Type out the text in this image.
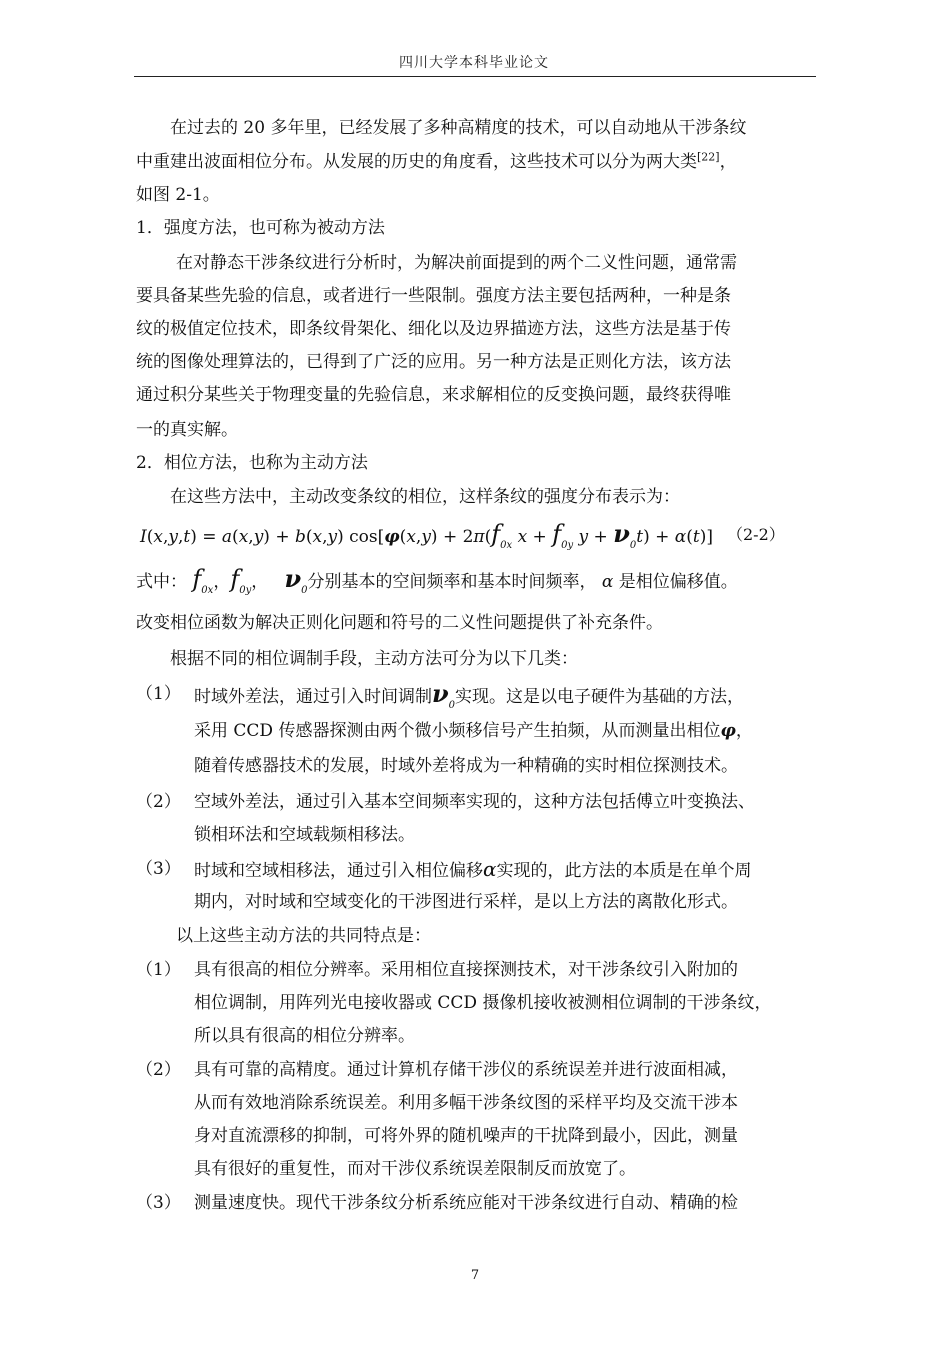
四川大学本科毕业论文
在过去的 20 多年里，已经发展了多种高精度的技术，可以自动地从干涉条纹
中重建出波面相位分布。从发展的历史的角度看，这些技术可以分为两大类[22]，
如图 2-1。
1．强度方法，也可称为被动方法
在对静态干涉条纹进行分析时，为解决前面提到的两个二义性问题，通常需
要具备某些先验的信息，或者进行一些限制。强度方法主要包括两种，一种是条
纹的极值定位技术，即条纹骨架化、细化以及边界描迹方法，这些方法是基于传
统的图像处理算法的，已得到了广泛的应用。另一种方法是正则化方法，该方法
通过积分某些关于物理变量的先验信息，来求解相位的反变换问题，最终获得唯
一的真实解。
2．相位方法，也称为主动方法
在这些方法中，主动改变条纹的相位，这样条纹的强度分布表示为：
I(x,y,t) = a(x,y) + b(x,y) $\cos[\varphi(x,y) + 2\pi(f_{0x}$ $x + f_{0y}$ $y + \nu_0t) + \alpha(t)$] （2-2）
式中： $f_{0x}$，$f_{0y}$，   $\nu_0$分别基本的空间频率和基本时间频率， α 是相位偏移值。
改变相位函数为解决正则化问题和符号的二义性问题提供了补充条件。
根据不同的相位调制手段，主动方法可分为以下几类：
（1） 时域外差法，通过引入时间调制$\nu_0$实现。这是以电子硬件为基础的方法，
采用 CCD 传感器探测由两个微小频移信号产生拍频，从而测量出相位φ，
随着传感器技术的发展，时域外差将成为一种精确的实时相位探测技术。
（2） 空域外差法，通过引入基本空间频率实现的，这种方法包括傅立叶变换法、
锁相环法和空域载频相移法。
（3） 时域和空域相移法，通过引入相位偏移α实现的，此方法的本质是在单个周
期内，对时域和空域变化的干涉图进行采样，是以上方法的离散化形式。
以上这些主动方法的共同特点是：
（1） 具有很高的相位分辨率。采用相位直接探测技术，对干涉条纹引入附加的
相位调制，用阵列光电接收器或 CCD 摄像机接收被测相位调制的干涉条纹，
所以具有很高的相位分辨率。
（2） 具有可靠的高精度。通过计算机存储干涉仪的系统误差并进行波面相减，
从而有效地消除系统误差。利用多幅干涉条纹图的采样平均及交流干涉本
身对直流漂移的抑制，可将外界的随机噪声的干扰降到最小，因此，测量
具有很好的重复性，而对干涉仪系统误差限制反而放宽了。
（3） 测量速度快。现代干涉条纹分析系统应能对干涉条纹进行自动、精确的检
7
